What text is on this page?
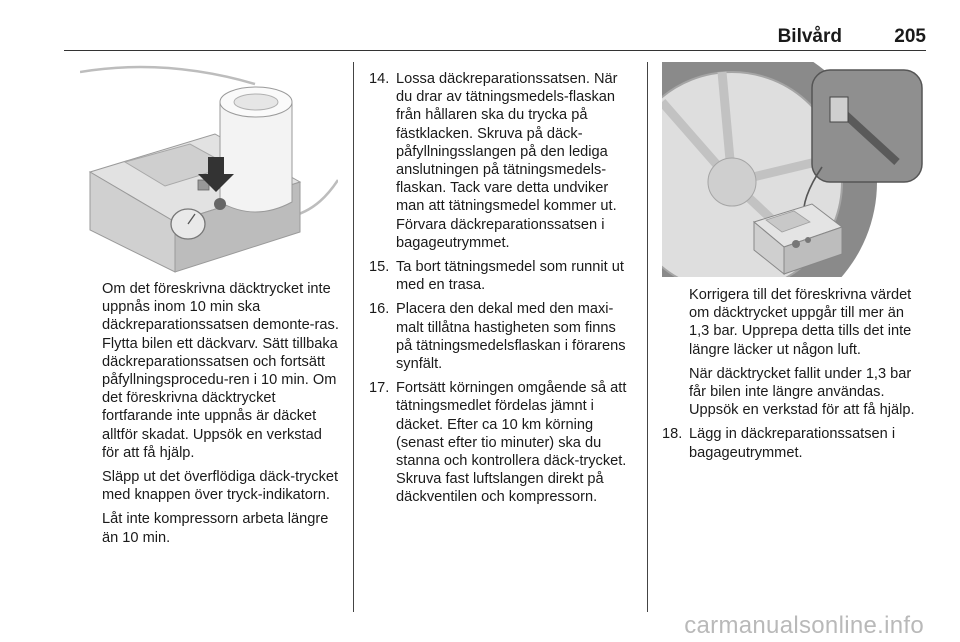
Bilvård	205

Om det föreskrivna däcktrycket inte uppnås inom 10 min ska däckreparationssatsen demonte-ras. Flytta bilen ett däckvarv. Sätt tillbaka däckreparationssatsen och fortsätt påfyllningsprocedu-ren i 10 min. Om det föreskrivna däcktrycket fortfarande inte uppnås är däcket alltför skadat. Uppsök en verkstad för att få hjälp.

Släpp ut det överflödiga däck-trycket med knappen över tryck-indikatorn.

Låt inte kompressorn arbeta längre än 10 min.

14. Lossa däckreparationssatsen. När du drar av tätningsmedels-flaskan från hållaren ska du trycka på fästklacken. Skruva på däck-påfyllningsslangen på den lediga anslutningen på tätningsmedels-flaskan. Tack vare detta undviker man att tätningsmedel kommer ut. Förvara däckreparationssatsen i bagageutrymmet.
15. Ta bort tätningsmedel som runnit ut med en trasa.
16. Placera den dekal med den maxi-malt tillåtna hastigheten som finns på tätningsmedelsflaskan i förarens synfält.
17. Fortsätt körningen omgående så att tätningsmedlet fördelas jämnt i däcket. Efter ca 10 km körning (senast efter tio minuter) ska du stanna och kontrollera däck-trycket. Skruva fast luftslangen direkt på däckventilen och kompressorn.

Korrigera till det föreskrivna värdet om däcktrycket uppgår till mer än 1,3 bar. Upprepa detta tills det inte längre läcker ut någon luft.

När däcktrycket fallit under 1,3 bar får bilen inte längre användas. Uppsök en verkstad för att få hjälp.

18. Lägg in däckreparationssatsen i bagageutrymmet.
carmanualsonline.info
